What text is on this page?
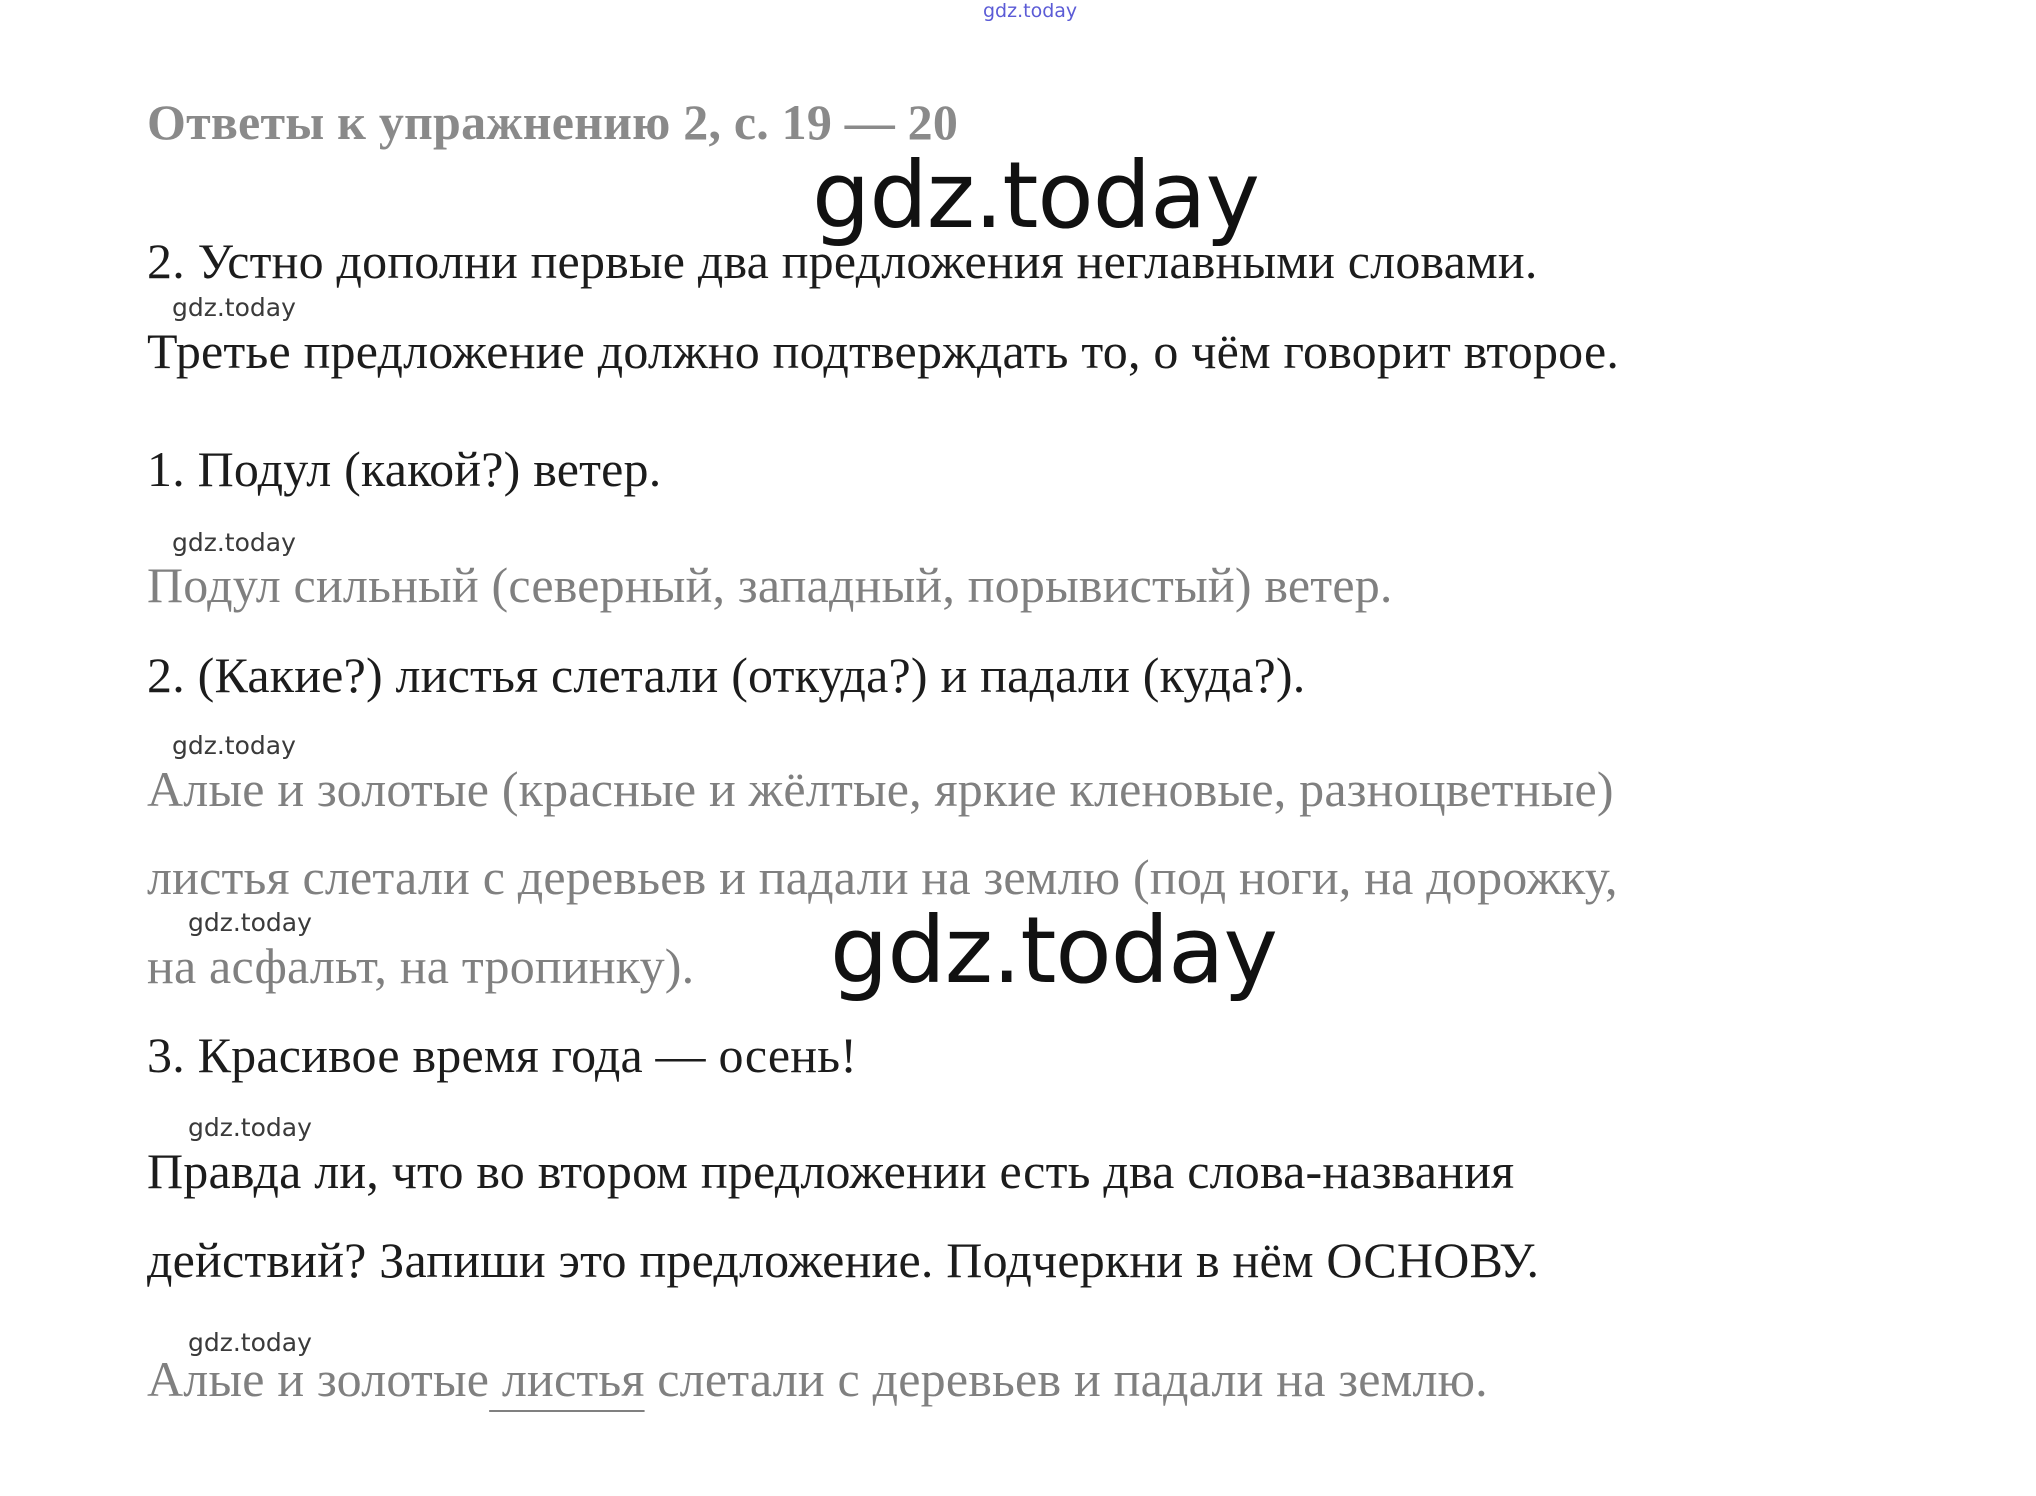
gdz.today
Ответы к упражнению 2, с. 19 — 20
gdz.today
2. Устно дополни первые два предложения неглавными словами.
gdz.today
Третье предложение должно подтверждать то, о чём говорит второе.
1. Подул (какой?) ветер.
gdz.today
Подул сильный (северный, западный, порывистый) ветер.
2. (Какие?) листья слетали (откуда?) и падали (куда?).
gdz.today
Алые и золотые (красные и жёлтые, яркие кленовые, разноцветные)
листья слетали с деревьев и падали на землю (под ноги, на дорожку,
gdz.today
на асфальт, на тропинку). gdz.today
3. Красивое время года — осень!
gdz.today
Правда ли, что во втором предложении есть два слова-названия
действий? Запиши это предложение. Подчеркни в нём ОСНОВУ.
gdz.today
Алые и золотые листья слетали с деревьев и падали на землю.
